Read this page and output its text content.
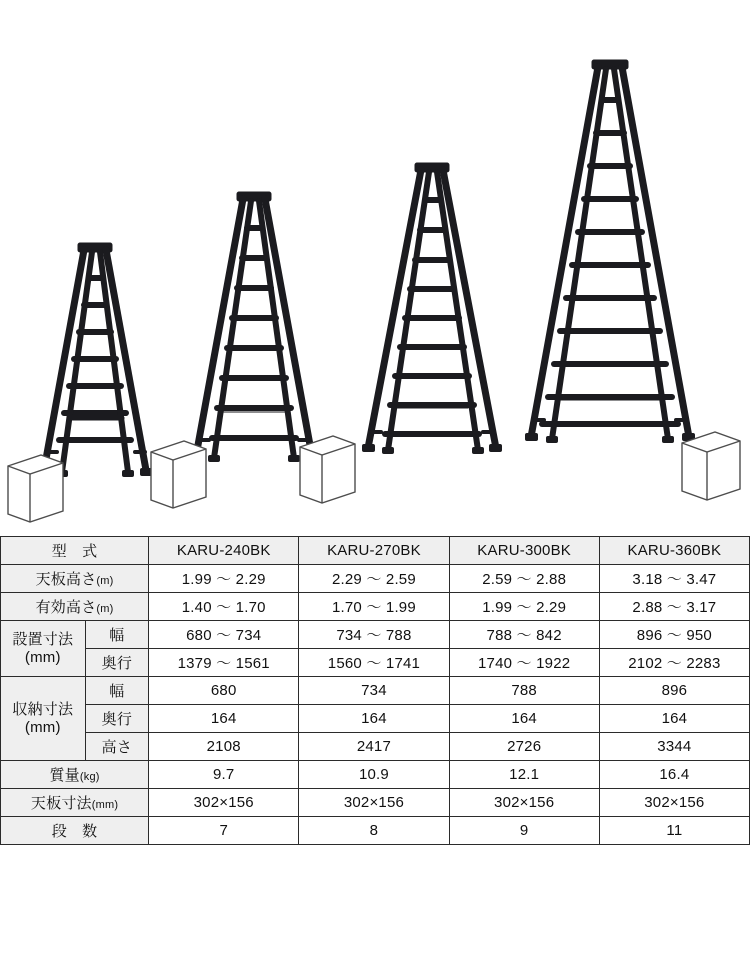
型　式		KARU-240BK	KARU-270BK	KARU-300BK	KARU-360BK
天板高さ(m)		1.99 〜 2.29	2.29 〜 2.59	2.59 〜 2.88	3.18 〜 3.47
有効高さ(m)		1.40 〜 1.70	1.70 〜 1.99	1.99 〜 2.29	2.88 〜 3.17

設置寸法
(mm)	幅	680 〜 734	734 〜 788	788 〜 842	896 〜 950
	奥行	1379 〜 1561	1560 〜 1741	1740 〜 1922	2102 〜 2283

収納寸法
(mm)	幅	680	734	788	896
	奥行	164	164	164	164
	高さ	2108	2417	2726	3344
質量(kg)		9.7	10.9	12.1	16.4
天板寸法(mm)		302×156	302×156	302×156	302×156
段　数		7	8	9	11
